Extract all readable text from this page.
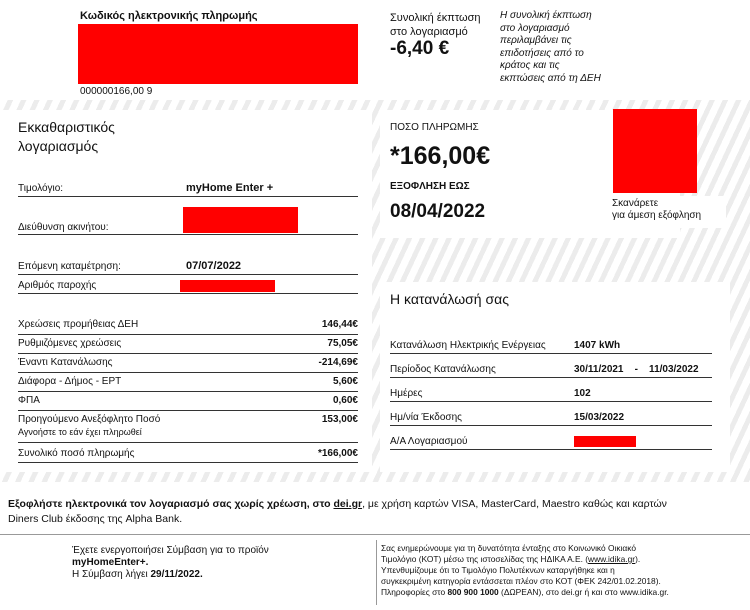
Κωδικός ηλεκτρονικής πληρωμής
000000166,00 9
Συνολική έκπτωση
στο λογαριασμό
-6,40 €
Η συνολική έκπτωση
στο λογαριασμό
περιλαμβάνει τις
επιδοτήσεις από το
κράτος και τις
εκπτώσεις από τη ΔΕΗ
Εκκαθαριστικός
λογαριασμός
Τιμολόγιο:	myHome Enter +
Διεύθυνση ακινήτου:
Επόμενη καταμέτρηση:	07/07/2022
Αριθμός παροχής
Χρεώσεις προμήθειας ΔΕΗ	146,44€
Ρυθμιζόμενες χρεώσεις	75,05€
Έναντι Κατανάλωσης	-214,69€
Διάφορα - Δήμος - ΕΡΤ	5,60€
ΦΠΑ	0,60€
Προηγούμενο Ανεξόφλητο Ποσό	153,00€
Αγνοήστε το εάν έχει πληρωθεί
Συνολικό ποσό πληρωμής	*166,00€
ΠΟΣΟ ΠΛΗΡΩΜΗΣ
*166,00€
ΕΞΟΦΛΗΣΗ ΕΩΣ
08/04/2022	Σκανάρετε
για άμεση εξόφληση
Η κατανάλωσή σας
Κατανάλωση Ηλεκτρικής Ενέργειας	1407 kWh
Περίοδος Κατανάλωσης	30/11/2021    -    11/03/2022
Ημέρες	102
Ημ/νία Έκδοσης	15/03/2022
Α/Α Λογαριασμού
Εξοφλήστε ηλεκτρονικά τον λογαριασμό σας χωρίς χρέωση, στο dei.gr, με χρήση καρτών VISA, MasterCard, Maestro καθώς και καρτών
Diners Club έκδοσης της Alpha Bank.
Έχετε ενεργοποιήσει Σύμβαση για το προϊόν
myHomeEnter+.
Η Σύμβαση λήγει 29/11/2022.
Σας ενημερώνουμε για τη δυνατότητα ένταξης στο Κοινωνικό Οικιακό
Τιμολόγιο (ΚΟΤ) μέσω της ιστοσελίδας της ΗΔΙΚΑ Α.Ε. (www.idika.gr).
Υπενθυμίζουμε ότι το Τιμολόγιο Πολυτέκνων καταργήθηκε και η
συγκεκριμένη κατηγορία εντάσσεται πλέον στο ΚΟΤ (ΦΕΚ 242/01.02.2018).
Πληροφορίες στο 800 900 1000 (ΔΩΡΕΑΝ), στο dei.gr ή και στο www.idika.gr.
